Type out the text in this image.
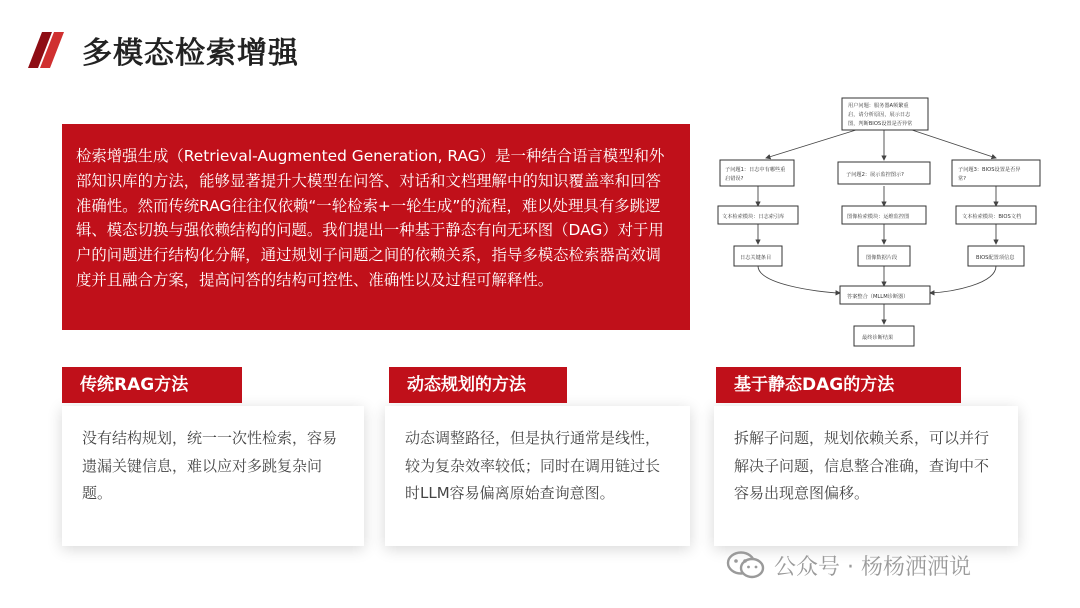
多模态检索增强

检索增强生成（Retrieval-Augmented Generation, RAG）是一种结合语言模型和外部知识库的方法，能够显著提升大模型在问答、对话和文档理解中的知识覆盖率和回答准确性。然而传统RAG往往仅依赖“一轮检索+一轮生成”的流程，难以处理具有多跳逻辑、模态切换与强依赖结构的问题。我们提出一种基于静态有向无环图（DAG）对于用户的问题进行结构化分解，通过规划子问题之间的依赖关系，指导多模态检索器高效调度并且融合方案，提高问答的结构可控性、准确性以及过程可解释性。

用户问题：服务器A频繁重
启，请分析原因，展示日志
图，判断BIOS设置是否异常
子问题1：日志中有哪些重
启错误?
子问题2：展示监控图示?
子问题3：BIOS设置是否异
常?
文本检索模块：日志索引库	图像检索模块：运维监控图	文本检索模块：BIOS文档
日志关键条目	图像数据片段	BIOS配置项信息
答案整合（MLLM诊断器）
最终诊断结果

没有结构规划，统一一次性检索，容易遗漏关键信息，难以应对多跳复杂问题。

传统RAG方法

动态调整路径，但是执行通常是线性，较为复杂效率较低；同时在调用链过长时LLM容易偏离原始查询意图。

动态规划的方法

拆解子问题，规划依赖关系，可以并行解决子问题，信息整合准确，查询中不容易出现意图偏移。

基于静态DAG的方法
公众号 · 杨杨洒洒说
